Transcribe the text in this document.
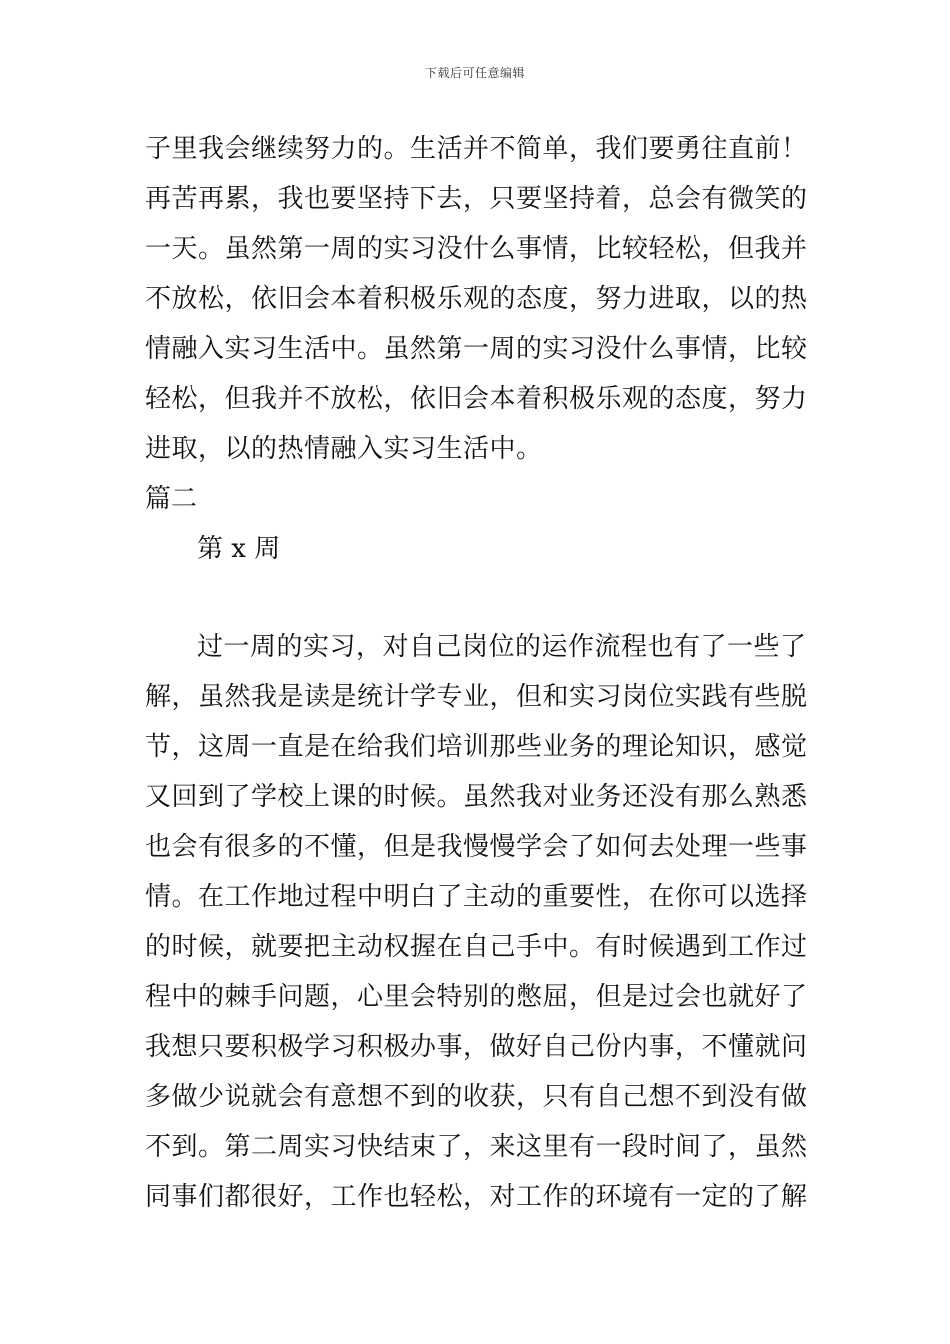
下载后可任意编辑
子里我会继续努力的。生活并不简单，我们要勇往直前！
再苦再累，我也要坚持下去，只要坚持着，总会有微笑的
一天。虽然第一周的实习没什么事情，比较轻松，但我并
不放松，依旧会本着积极乐观的态度，努力进取，以的热
情融入实习生活中。虽然第一周的实习没什么事情，比较
轻松，但我并不放松，依旧会本着积极乐观的态度，努力
进取，以的热情融入实习生活中。
篇二
第 x 周
过一周的实习，对自己岗位的运作流程也有了一些了
解，虽然我是读是统计学专业，但和实习岗位实践有些脱
节，这周一直是在给我们培训那些业务的理论知识，感觉
又回到了学校上课的时候。虽然我对业务还没有那么熟悉
也会有很多的不懂，但是我慢慢学会了如何去处理一些事
情。在工作地过程中明白了主动的重要性，在你可以选择
的时候，就要把主动权握在自己手中。有时候遇到工作过
程中的棘手问题，心里会特别的憋屈，但是过会也就好了
我想只要积极学习积极办事，做好自己份内事，不懂就问
多做少说就会有意想不到的收获，只有自己想不到没有做
不到。第二周实习快结束了，来这里有一段时间了，虽然
同事们都很好，工作也轻松，对工作的环境有一定的了解
